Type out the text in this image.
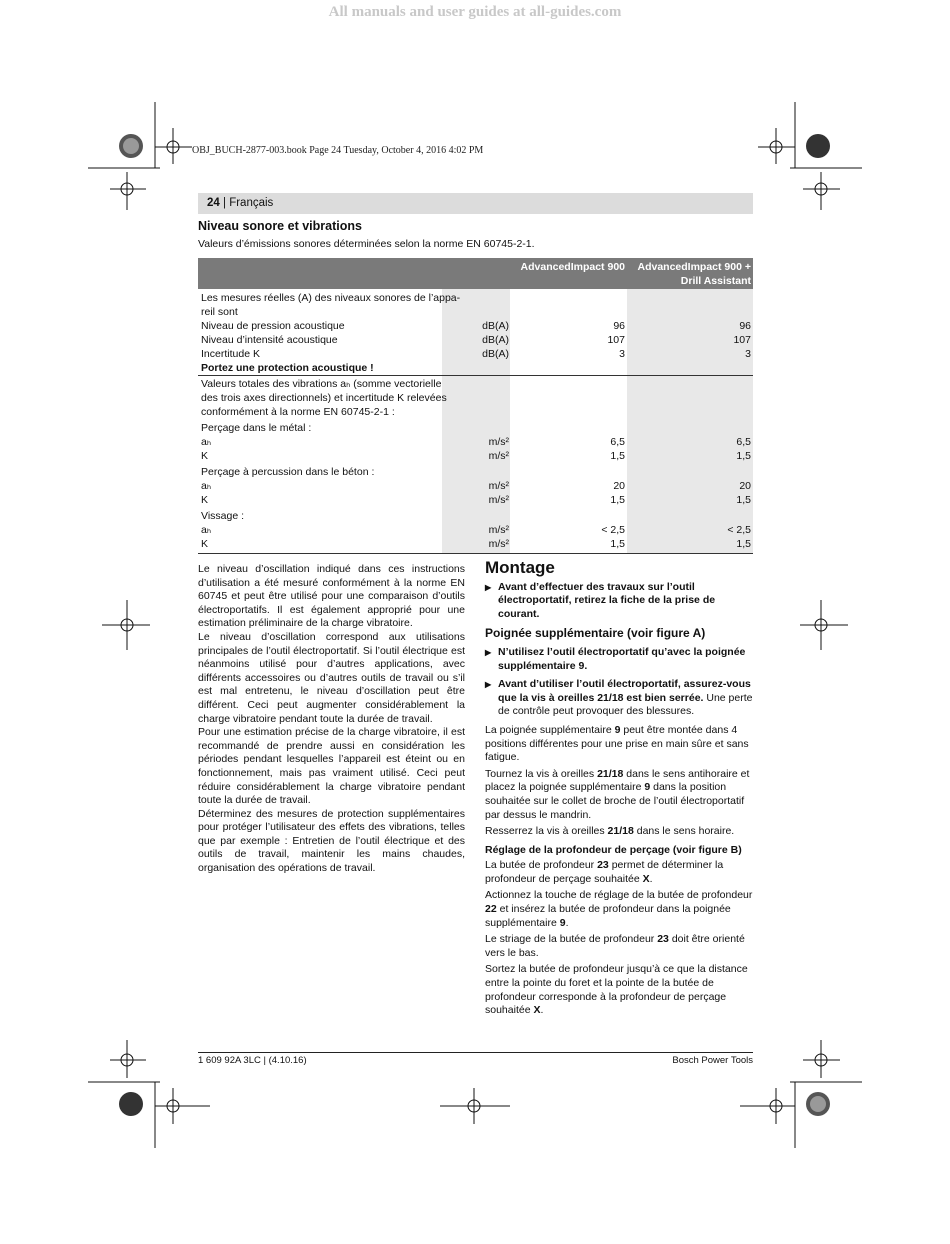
All manuals and user guides at all-guides.com
OBJ_BUCH-2877-003.book Page 24 Tuesday, October 4, 2016 4:02 PM
24 | Français
Niveau sonore et vibrations
Valeurs d’émissions sonores déterminées selon la norme EN 60745-2-1.
AdvancedImpact 900 AdvancedImpact 900 +
Drill Assistant
Les mesures réelles (A) des niveaux sonores de l’appa-
reil sont
Niveau de pression acoustique	dB(A)	96	96
Niveau d’intensité acoustique	dB(A)	107	107
Incertitude K	dB(A)	3	3
Portez une protection acoustique !
Valeurs totales des vibrations aₕ (somme vectorielle
des trois axes directionnels) et incertitude K relevées
conformément à la norme EN 60745-2-1 :
Perçage dans le métal :
aₕ	m/s²	6,5	6,5
K	m/s²	1,5	1,5
Perçage à percussion dans le béton :
aₕ	m/s²	20	20
K	m/s²	1,5	1,5
Vissage :
aₕ	m/s²	< 2,5	< 2,5
K	m/s²	1,5	1,5

Le niveau d’oscillation indiqué dans ces instructions d’utilisation a été mesuré conformément à la norme EN 60745 et peut être utilisé pour une comparaison d’outils électroportatifs. Il est également approprié pour une estimation préliminaire de la charge vibratoire.

Le niveau d’oscillation correspond aux utilisations principales de l’outil électroportatif. Si l’outil électrique est néanmoins utilisé pour d’autres applications, avec différents accessoires ou d’autres outils de travail ou s’il est mal entretenu, le niveau d’oscillation peut être différent. Ceci peut augmenter considérablement la charge vibratoire pendant toute la durée de travail.

Pour une estimation précise de la charge vibratoire, il est recommandé de prendre aussi en considération les périodes pendant lesquelles l’appareil est éteint ou en fonctionnement, mais pas vraiment utilisé. Ceci peut réduire considérablement la charge vibratoire pendant toute la durée de travail.

Déterminez des mesures de protection supplémentaires pour protéger l’utilisateur des effets des vibrations, telles que par exemple : Entretien de l’outil électrique et des outils de travail, maintenir les mains chaudes, organisation des opérations de travail.

Montage
▶ Avant d’effectuer des travaux sur l’outil électroportatif, retirez la fiche de la prise de courant.
Poignée supplémentaire (voir figure A)
▶ N’utilisez l’outil électroportatif qu’avec la poignée supplémentaire 9.
▶ Avant d’utiliser l’outil électroportatif, assurez-vous que la vis à oreilles 21/18 est bien serrée. Une perte de contrôle peut provoquer des blessures.

La poignée supplémentaire 9 peut être montée dans 4 positions différentes pour une prise en main sûre et sans fatigue.

Tournez la vis à oreilles 21/18 dans le sens antihoraire et placez la poignée supplémentaire 9 dans la position souhaitée sur le collet de broche de l’outil électroportatif par dessus le mandrin.

Resserrez la vis à oreilles 21/18 dans le sens horaire.

Réglage de la profondeur de perçage (voir figure B)

La butée de profondeur 23 permet de déterminer la profondeur de perçage souhaitée X.

Actionnez la touche de réglage de la butée de profondeur 22 et insérez la butée de profondeur dans la poignée supplémentaire 9.

Le striage de la butée de profondeur 23 doit être orienté vers le bas.

Sortez la butée de profondeur jusqu’à ce que la distance entre la pointe du foret et la pointe de la butée de profondeur corresponde à la profondeur de perçage souhaitée X.

1 609 92A 3LC | (4.10.16)	Bosch Power Tools
